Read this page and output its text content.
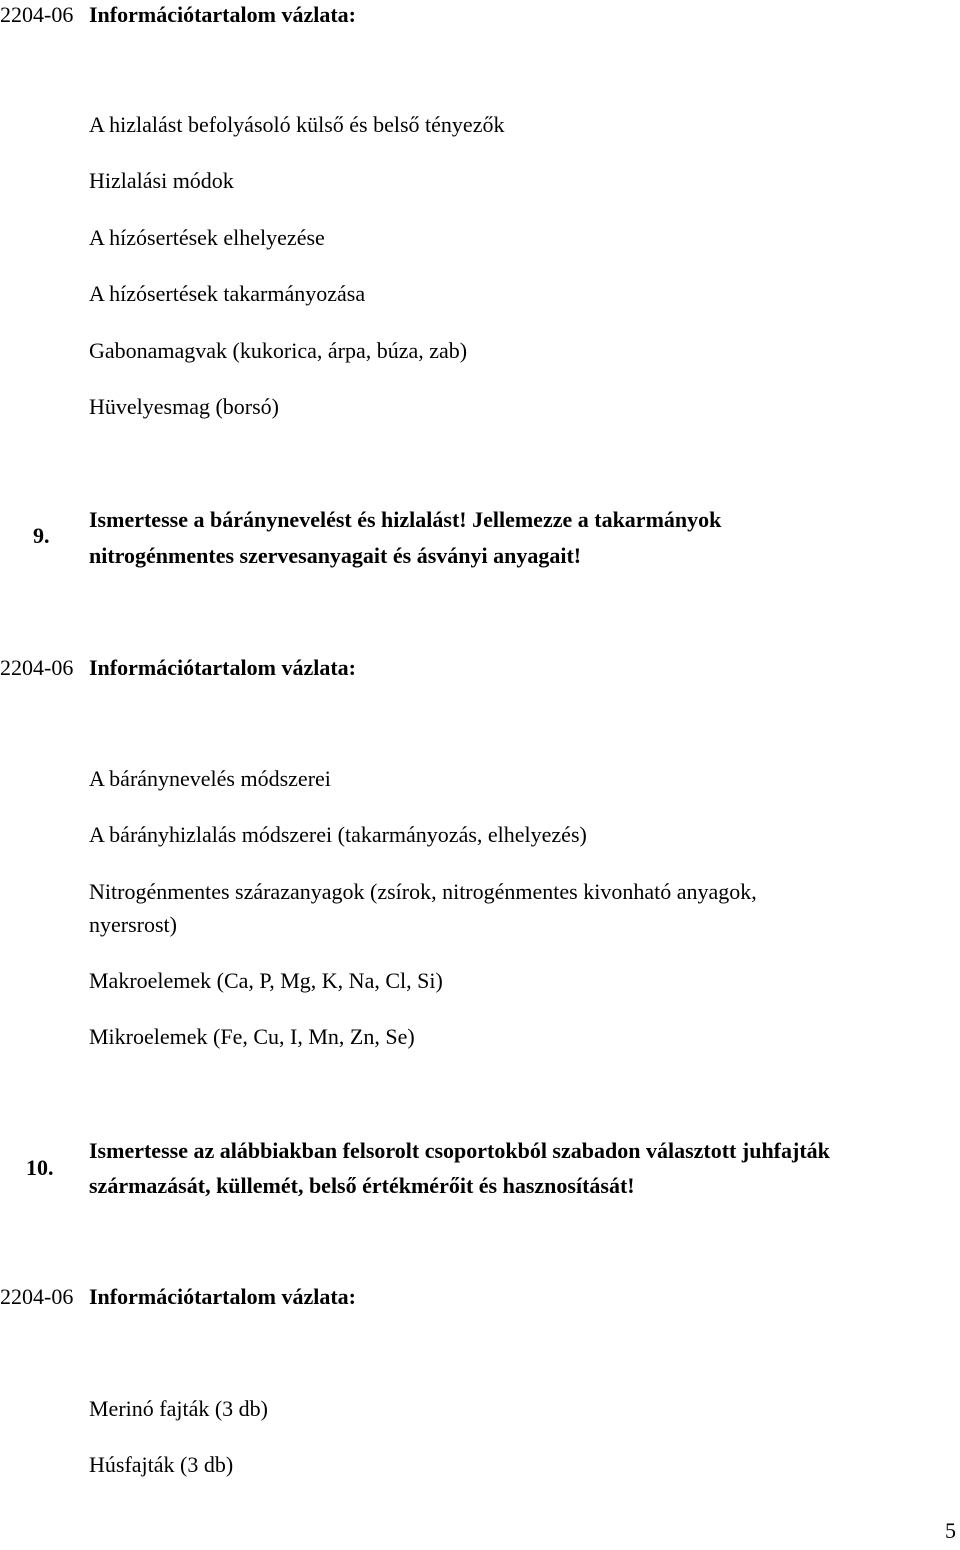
2204-06 Információtartalom vázlata:
A hizlalást befolyásoló külső és belső tényezők
Hizlalási módok
A hízósertések elhelyezése
A hízósertések takarmányozása
Gabonamagvak (kukorica, árpa, búza, zab)
Hüvelyesmag (borsó)
9.
Ismertesse a báránynevelést és hizlalást! Jellemezze a takarmányok
nitrogénmentes szervesanyagait és ásványi anyagait!
2204-06 Információtartalom vázlata:
A báránynevelés módszerei
A bárányhizlalás módszerei (takarmányozás, elhelyezés)
Nitrogénmentes szárazanyagok (zsírok, nitrogénmentes kivonható anyagok,
nyersrost)
Makroelemek (Ca, P, Mg, K, Na, Cl, Si)
Mikroelemek (Fe, Cu, I, Mn, Zn, Se)
10.
Ismertesse az alábbiakban felsorolt csoportokból szabadon választott juhfajták
származását, küllemét, belső értékmérőit és hasznosítását!
2204-06 Információtartalom vázlata:
Merinó fajták (3 db)
Húsfajták (3 db)
5
